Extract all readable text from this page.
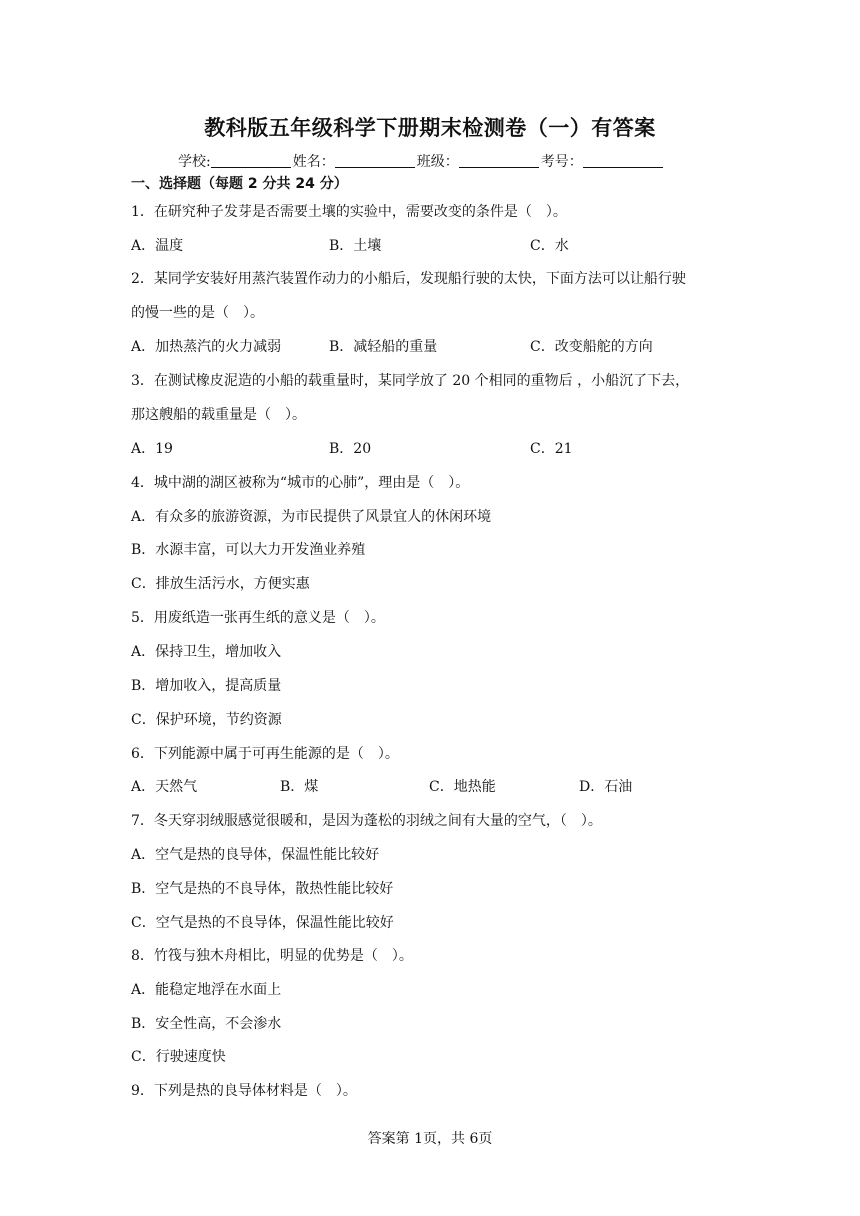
教科版五年级科学下册期末检测卷（一）有答案
学校:	姓名：	班级：	考号：
一、选择题（每题 2 分共 24 分）
1．在研究种子发芽是否需要土壤的实验中，需要改变的条件是（　）。
A．温度	B．土壤	C．水
2．某同学安装好用蒸汽装置作动力的小船后，发现船行驶的太快，下面方法可以让船行驶
的慢一些的是（　）。
A．加热蒸汽的火力减弱	B．减轻船的重量	C．改变船舵的方向
3．在测试橡皮泥造的小船的载重量时，某同学放了 20 个相同的重物后 ，小船沉了下去，
那这艘船的载重量是（　）。
A．19	B．20	C．21
4．城中湖的湖区被称为“城市的心肺”，理由是（　）。
A．有众多的旅游资源，为市民提供了风景宜人的休闲环境
B．水源丰富，可以大力开发渔业养殖
C．排放生活污水，方便实惠
5．用废纸造一张再生纸的意义是（　）。
A．保持卫生，增加收入
B．增加收入，提高质量
C．保护环境，节约资源
6．下列能源中属于可再生能源的是（　）。
A．天然气	B．煤	C．地热能	D．石油
7．冬天穿羽绒服感觉很暖和，是因为蓬松的羽绒之间有大量的空气，（　）。
A．空气是热的良导体，保温性能比较好
B．空气是热的不良导体，散热性能比较好
C．空气是热的不良导体，保温性能比较好
8．竹筏与独木舟相比，明显的优势是（　）。
A．能稳定地浮在水面上
B．安全性高，不会渗水
C．行驶速度快
9．下列是热的良导体材料是（　）。
答案第 1页，共 6页
